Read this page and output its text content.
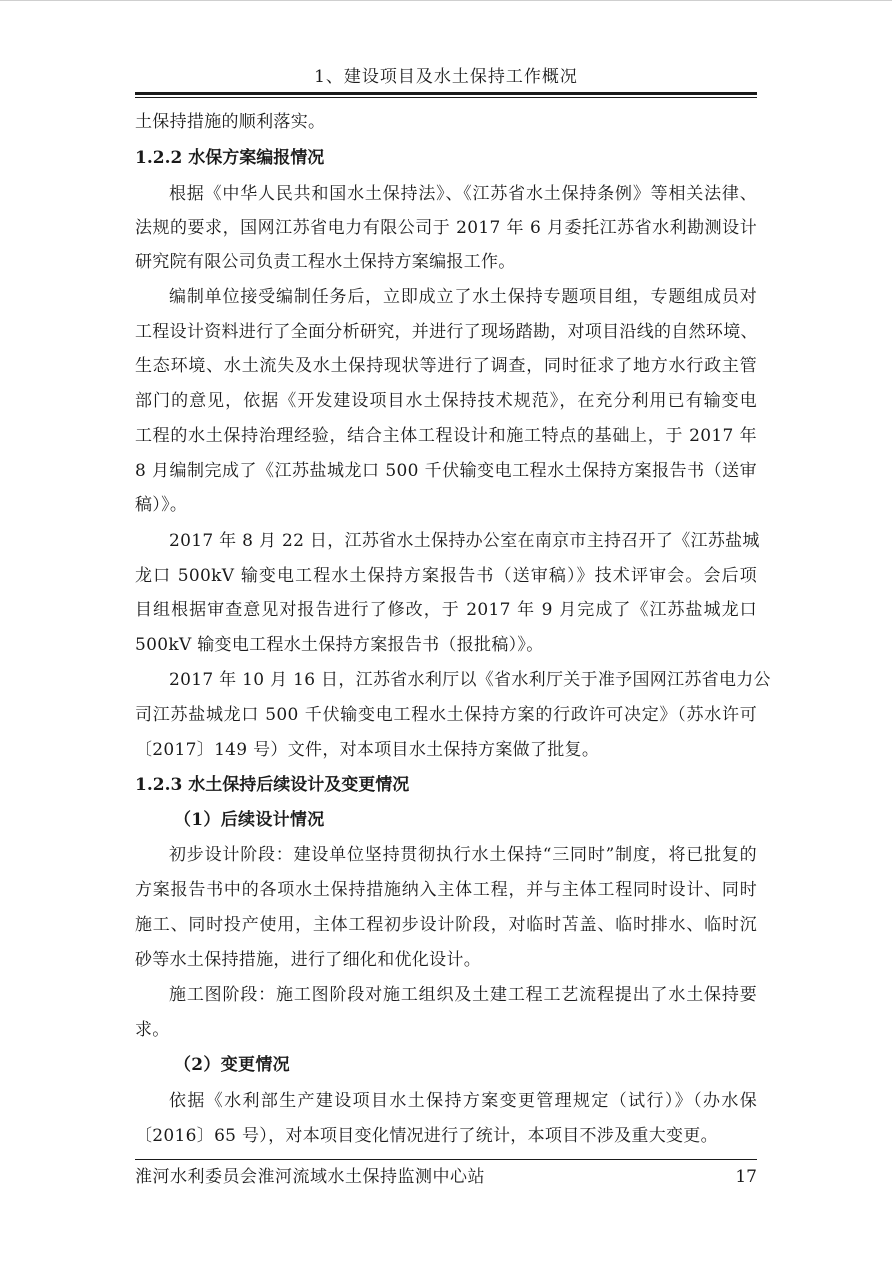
1、建设项目及水土保持工作概况
土保持措施的顺利落实。
1.2.2 水保方案编报情况
根据《中华人民共和国水土保持法》、《江苏省水土保持条例》等相关法律、
法规的要求，国网江苏省电力有限公司于 2017 年 6 月委托江苏省水利勘测设计
研究院有限公司负责工程水土保持方案编报工作。
编制单位接受编制任务后，立即成立了水土保持专题项目组，专题组成员对
工程设计资料进行了全面分析研究，并进行了现场踏勘，对项目沿线的自然环境、
生态环境、水土流失及水土保持现状等进行了调查，同时征求了地方水行政主管
部门的意见，依据《开发建设项目水土保持技术规范》，在充分利用已有输变电
工程的水土保持治理经验，结合主体工程设计和施工特点的基础上，于 2017 年
8 月编制完成了《江苏盐城龙口 500 千伏输变电工程水土保持方案报告书（送审
稿）》。
2017 年 8 月 22 日，江苏省水土保持办公室在南京市主持召开了《江苏盐城
龙口 500kV 输变电工程水土保持方案报告书（送审稿）》技术评审会。会后项
目组根据审查意见对报告进行了修改，于 2017 年 9 月完成了《江苏盐城龙口
500kV 输变电工程水土保持方案报告书（报批稿）》。
2017 年 10 月 16 日，江苏省水利厅以《省水利厅关于准予国网江苏省电力公
司江苏盐城龙口 500 千伏输变电工程水土保持方案的行政许可决定》（苏水许可
〔2017〕149 号）文件，对本项目水土保持方案做了批复。
1.2.3 水土保持后续设计及变更情况
（1）后续设计情况
初步设计阶段：建设单位坚持贯彻执行水土保持“三同时”制度，将已批复的
方案报告书中的各项水土保持措施纳入主体工程，并与主体工程同时设计、同时
施工、同时投产使用，主体工程初步设计阶段，对临时苫盖、临时排水、临时沉
砂等水土保持措施，进行了细化和优化设计。
施工图阶段：施工图阶段对施工组织及土建工程工艺流程提出了水土保持要
求。
（2）变更情况
依据《水利部生产建设项目水土保持方案变更管理规定（试行）》（办水保
〔2016〕65 号），对本项目变化情况进行了统计，本项目不涉及重大变更。
淮河水利委员会淮河流域水土保持监测中心站	17
